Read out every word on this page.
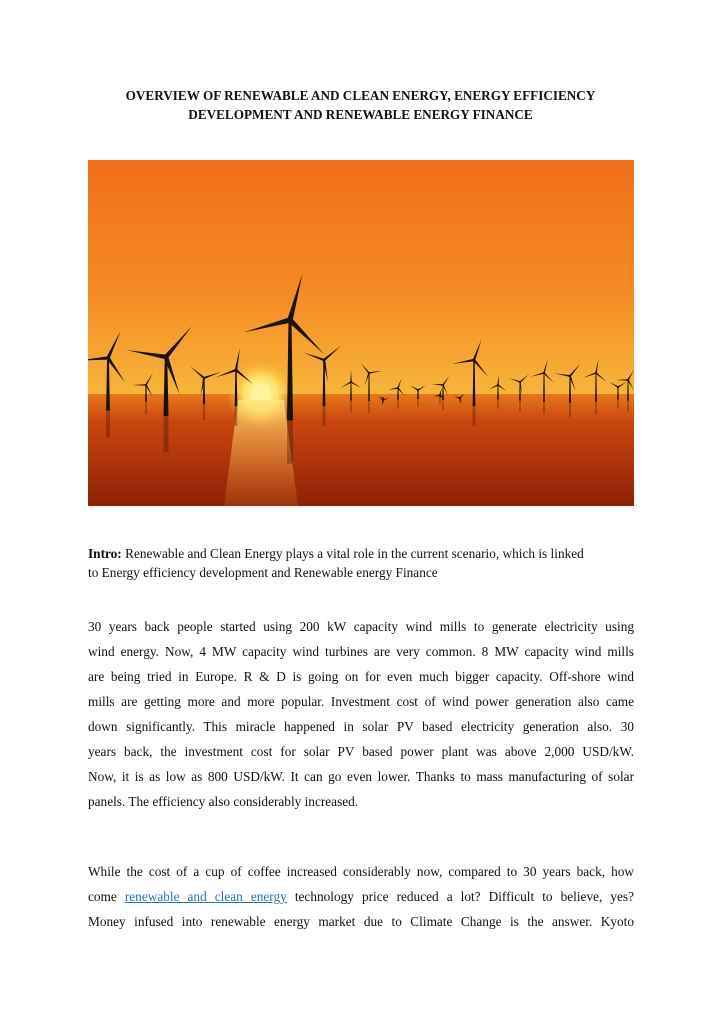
OVERVIEW OF RENEWABLE AND CLEAN ENERGY, ENERGY EFFICIENCY
DEVELOPMENT AND RENEWABLE ENERGY FINANCE
Intro: Renewable and Clean Energy plays a vital role in the current scenario, which is linked
to Energy efficiency development and Renewable energy Finance
30 years back people started using 200 kW capacity wind mills to generate electricity using
wind energy. Now, 4 MW capacity wind turbines are very common. 8 MW capacity wind mills
are being tried in Europe. R & D is going on for even much bigger capacity. Off-shore wind
mills are getting more and more popular. Investment cost of wind power generation also came
down significantly. This miracle happened in solar PV based electricity generation also. 30
years back, the investment cost for solar PV based power plant was above 2,000 USD/kW.
Now, it is as low as 800 USD/kW. It can go even lower. Thanks to mass manufacturing of solar
panels. The efficiency also considerably increased.
While the cost of a cup of coffee increased considerably now, compared to 30 years back, how
come renewable and clean energy technology price reduced a lot? Difficult to believe, yes?
Money infused into renewable energy market due to Climate Change is the answer. Kyoto
